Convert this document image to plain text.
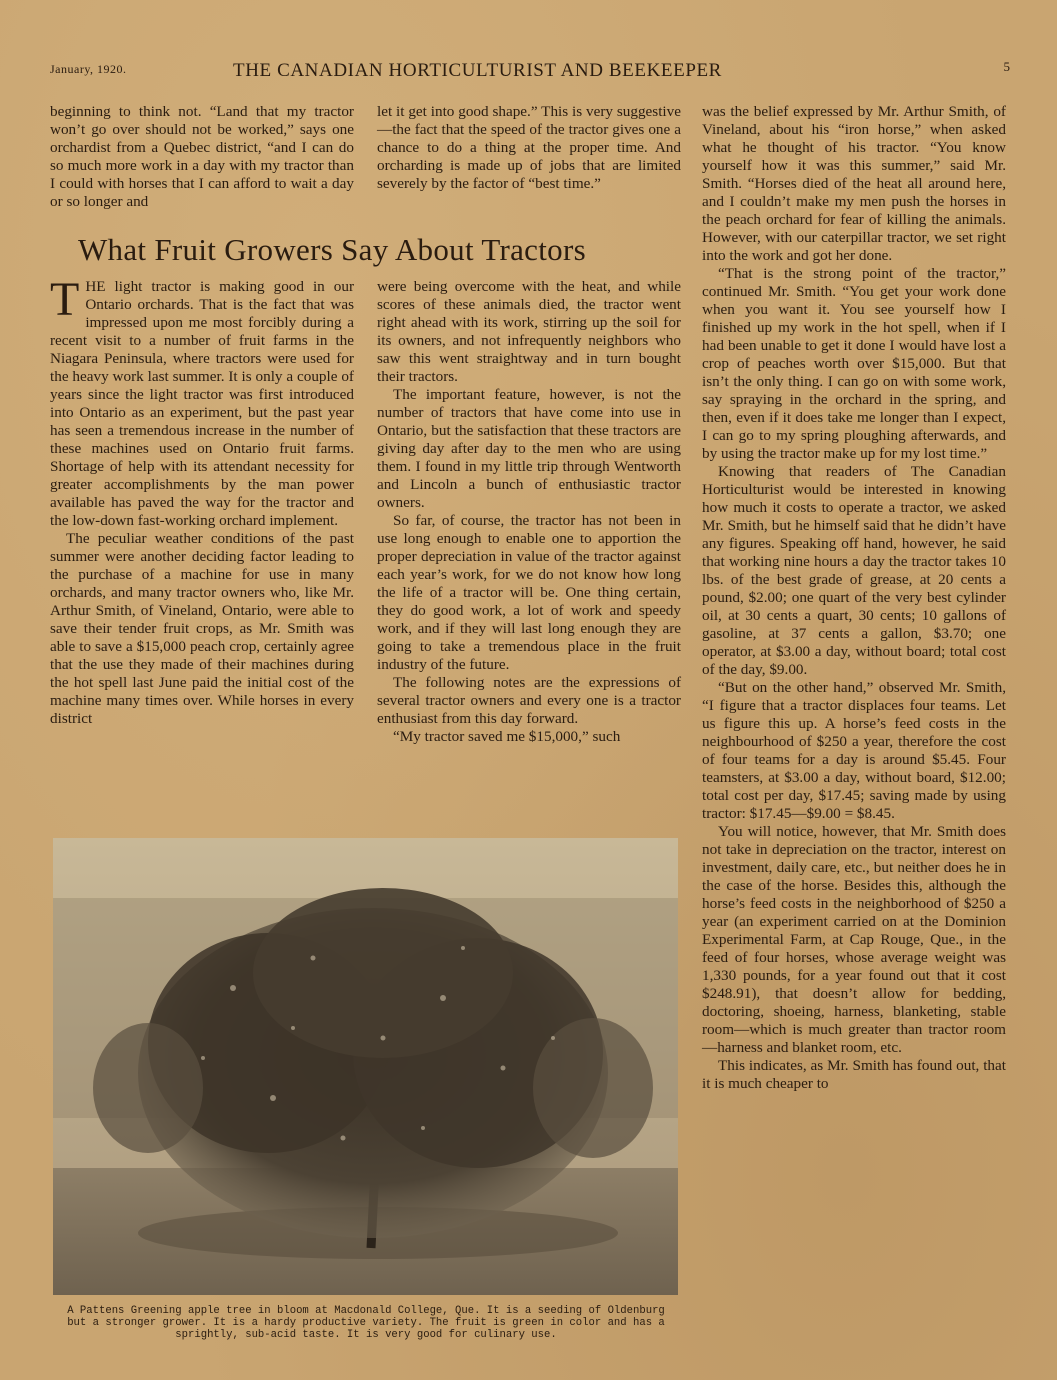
January, 1920.	THE CANADIAN HORTICULTURIST AND BEEKEEPER	5

beginning to think not. “Land that my tractor won’t go over should not be worked,” says one orchardist from a Quebec district, “and I can do so much more work in a day with my tractor than I could with horses that I can afford to wait a day or so longer and

let it get into good shape.” This is very suggestive—the fact that the speed of the tractor gives one a chance to do a thing at the proper time. And orcharding is made up of jobs that are limited severely by the factor of “best time.”

What Fruit Growers Say About Tractors

THE light tractor is making good in our Ontario orchards. That is the fact that was impressed upon me most forcibly during a recent visit to a number of fruit farms in the Niagara Peninsula, where tractors were used for the heavy work last summer. It is only a couple of years since the light tractor was first introduced into Ontario as an experiment, but the past year has seen a tremendous increase in the number of these machines used on Ontario fruit farms. Shortage of help with its attendant necessity for greater accomplishments by the man power available has paved the way for the tractor and the low-down fast-working orchard implement.

The peculiar weather conditions of the past summer were another deciding factor leading to the purchase of a machine for use in many orchards, and many tractor owners who, like Mr. Arthur Smith, of Vineland, Ontario, were able to save their tender fruit crops, as Mr. Smith was able to save a $15,000 peach crop, certainly agree that the use they made of their machines during the hot spell last June paid the initial cost of the machine many times over. While horses in every district

were being overcome with the heat, and while scores of these animals died, the tractor went right ahead with its work, stirring up the soil for its owners, and not infrequently neighbors who saw this went straightway and in turn bought their tractors.

The important feature, however, is not the number of tractors that have come into use in Ontario, but the satisfaction that these tractors are giving day after day to the men who are using them. I found in my little trip through Wentworth and Lincoln a bunch of enthusiastic tractor owners.

So far, of course, the tractor has not been in use long enough to enable one to apportion the proper depreciation in value of the tractor against each year’s work, for we do not know how long the life of a tractor will be. One thing certain, they do good work, a lot of work and speedy work, and if they will last long enough they are going to take a tremendous place in the fruit industry of the future.

The following notes are the expressions of several tractor owners and every one is a tractor enthusiast from this day forward.

“My tractor saved me $15,000,” such

was the belief expressed by Mr. Arthur Smith, of Vineland, about his “iron horse,” when asked what he thought of his tractor. “You know yourself how it was this summer,” said Mr. Smith. “Horses died of the heat all around here, and I couldn’t make my men push the horses in the peach orchard for fear of killing the animals. However, with our caterpillar tractor, we set right into the work and got her done.

“That is the strong point of the tractor,” continued Mr. Smith. “You get your work done when you want it. You see yourself how I finished up my work in the hot spell, when if I had been unable to get it done I would have lost a crop of peaches worth over $15,000. But that isn’t the only thing. I can go on with some work, say spraying in the orchard in the spring, and then, even if it does take me longer than I expect, I can go to my spring ploughing afterwards, and by using the tractor make up for my lost time.”

Knowing that readers of The Canadian Horticulturist would be interested in knowing how much it costs to operate a tractor, we asked Mr. Smith, but he himself said that he didn’t have any figures. Speaking off hand, however, he said that working nine hours a day the tractor takes 10 lbs. of the best grade of grease, at 20 cents a pound, $2.00; one quart of the very best cylinder oil, at 30 cents a quart, 30 cents; 10 gallons of gasoline, at 37 cents a gallon, $3.70; one operator, at $3.00 a day, without board; total cost of the day, $9.00.

“But on the other hand,” observed Mr. Smith, “I figure that a tractor displaces four teams. Let us figure this up. A horse’s feed costs in the neighbourhood of $250 a year, therefore the cost of four teams for a day is around $5.45. Four teamsters, at $3.00 a day, without board, $12.00; total cost per day, $17.45; saving made by using tractor: $17.45—$9.00 = $8.45.

You will notice, however, that Mr. Smith does not take in depreciation on the tractor, interest on investment, daily care, etc., but neither does he in the case of the horse. Besides this, although the horse’s feed costs in the neighborhood of $250 a year (an experiment carried on at the Dominion Experimental Farm, at Cap Rouge, Que., in the feed of four horses, whose average weight was 1,330 pounds, for a year found out that it cost $248.91), that doesn’t allow for bedding, doctoring, shoeing, harness, blanketing, stable room—which is much greater than tractor room—harness and blanket room, etc.

This indicates, as Mr. Smith has found out, that it is much cheaper to

A Pattens Greening apple tree in bloom at Macdonald College, Que. It is a seeding of Oldenburg but a stronger grower. It is a hardy productive variety. The fruit is green in color and has a sprightly, sub-acid taste. It is very good for culinary use.
